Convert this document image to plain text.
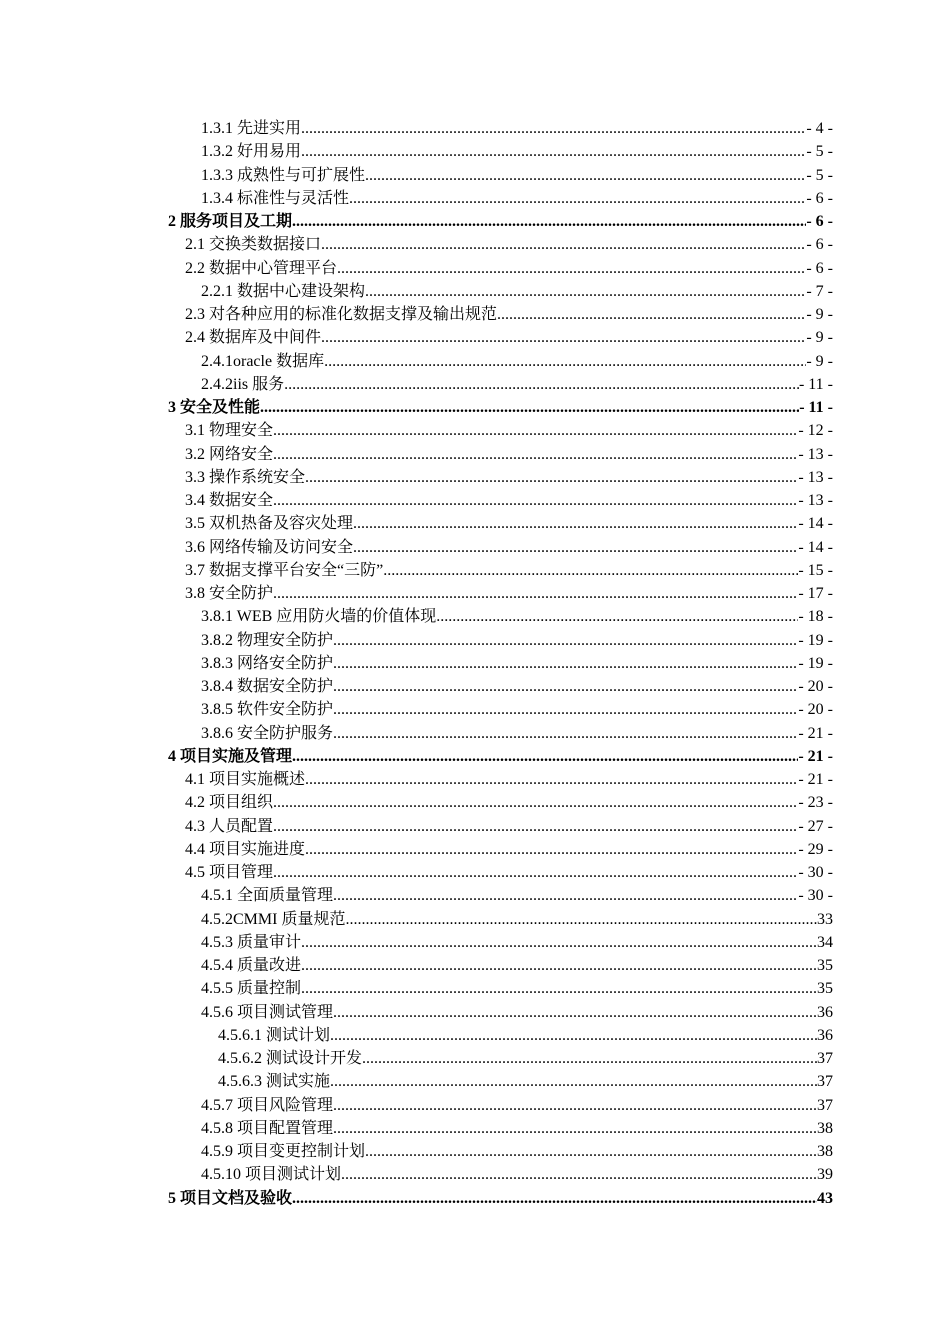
1.3.1 先进实用 .....	- 4 -
1.3.2 好用易用 .....	- 5 -
1.3.3 成熟性与可扩展性 .....	- 5 -
1.3.4 标准性与灵活性 .....	- 6 -
2 服务项目及工期 .....	- 6 -
2.1 交换类数据接口 .....	- 6 -
2.2 数据中心管理平台 .....	- 6 -
2.2.1 数据中心建设架构 .....	- 7 -
2.3 对各种应用的标准化数据支撑及输出规范 .....	- 9 -
2.4 数据库及中间件 .....	- 9 -
2.4.1oracle 数据库 .....	- 9 -
2.4.2iis 服务 .....	- 11 -
3 安全及性能 .....	- 11 -
3.1 物理安全 .....	- 12 -
3.2 网络安全 .....	- 13 -
3.3 操作系统安全 .....	- 13 -
3.4 数据安全 .....	- 13 -
3.5 双机热备及容灾处理 .....	- 14 -
3.6 网络传输及访问安全 .....	- 14 -
3.7 数据支撑平台安全“三防” .....	- 15 -
3.8 安全防护 .....	- 17 -
3.8.1 WEB 应用防火墙的价值体现 .....	- 18 -
3.8.2 物理安全防护 .....	- 19 -
3.8.3 网络安全防护 .....	- 19 -
3.8.4 数据安全防护 .....	- 20 -
3.8.5 软件安全防护 .....	- 20 -
3.8.6 安全防护服务 .....	- 21 -
4 项目实施及管理 .....	- 21 -
4.1 项目实施概述 .....	- 21 -
4.2 项目组织 .....	- 23 -
4.3 人员配置 .....	- 27 -
4.4 项目实施进度 .....	- 29 -
4.5 项目管理 .....	- 30 -
4.5.1 全面质量管理 .....	- 30 -
4.5.2CMMI 质量规范 .....	33
4.5.3 质量审计 .....	34
4.5.4 质量改进 .....	35
4.5.5 质量控制 .....	35
4.5.6 项目测试管理 .....	36
4.5.6.1 测试计划 .....	36
4.5.6.2 测试设计开发 .....	37
4.5.6.3 测试实施 .....	37
4.5.7 项目风险管理 .....	37
4.5.8 项目配置管理 .....	38
4.5.9 项目变更控制计划 .....	38
4.5.10 项目测试计划 .....	39
5 项目文档及验收 .....	43
